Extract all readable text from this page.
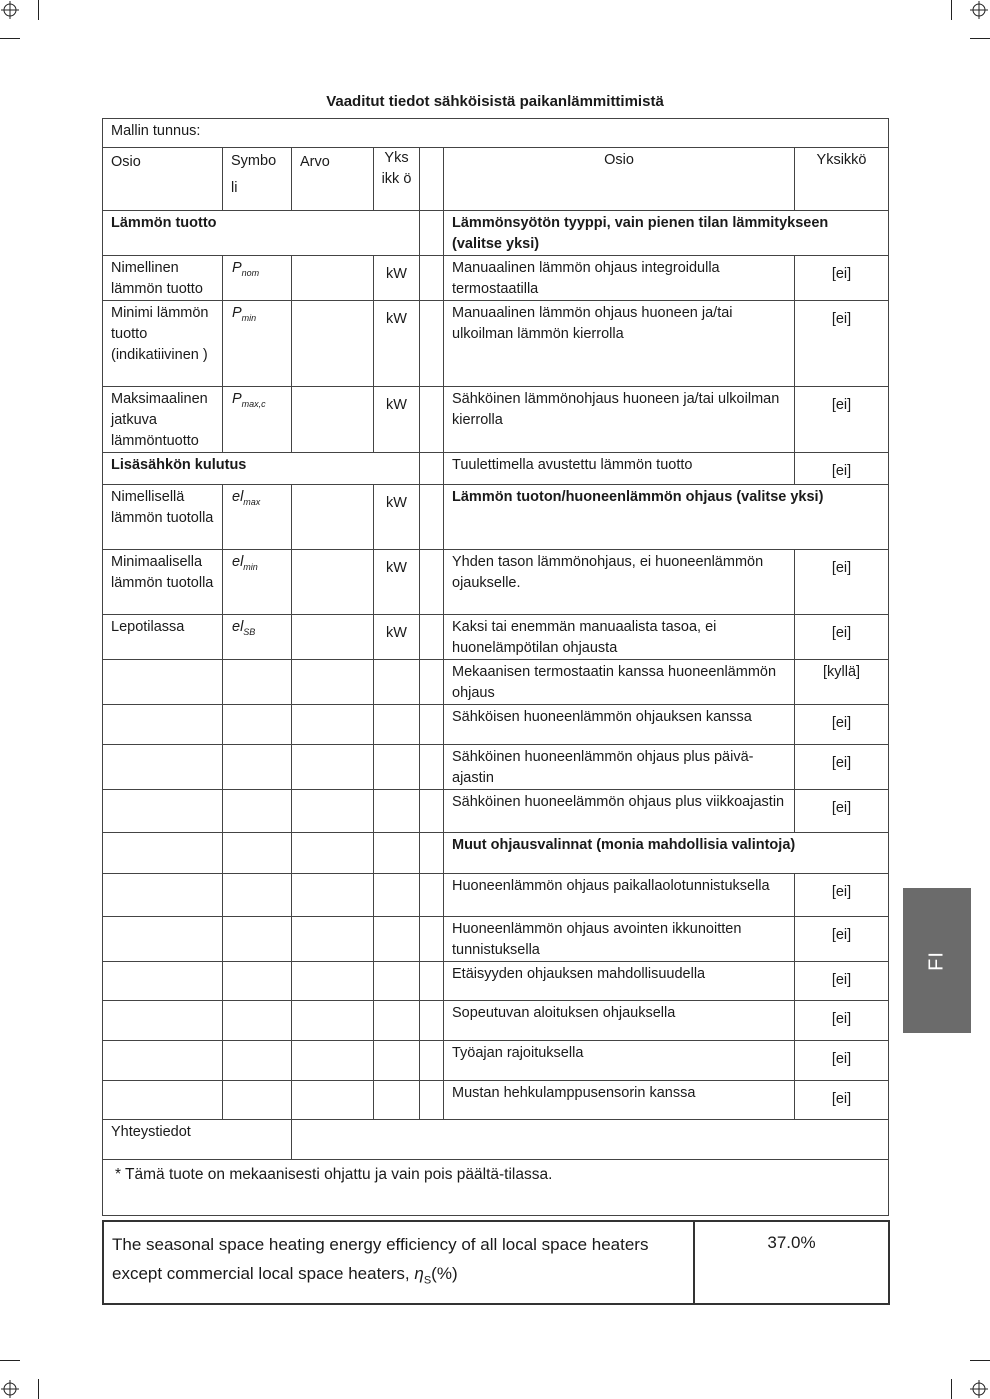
Vaaditut tiedot sähköisistä paikanlämmittimistä
Mallin tunnus:						
Osio	Symbo li	Arvo	Yks ikk ö		Osio	Yksikkö
Lämmön tuotto					Lämmönsyötön tyyppi, vain pienen tilan lämmitykseen (valitse yksi)	
Nimellinen lämmön tuotto	$P_{nom}$		kW		Manuaalinen lämmön ohjaus integroidulla termostaatilla	[ei]
Minimi lämmön tuotto (indikatiivinen )	$P_{min}$		kW		Manuaalinen lämmön ohjaus huoneen ja/tai ulkoilman lämmön kierrolla	[ei]
Maksimaalinen jatkuva lämmöntuotto	$P_{max,c}$		kW		Sähköinen lämmönohjaus huoneen ja/tai ulkoilman kierrolla	[ei]
Lisäsähkön kulutus					Tuulettimella avustettu lämmön tuotto	[ei]
Nimellisellä lämmön tuotolla	$el_{max}$		kW		Lämmön tuoton/huoneenlämmön ohjaus (valitse yksi)	
Minimaalisella lämmön tuotolla	$el_{min}$		kW		Yhden tason lämmönohjaus, ei huoneenlämmön ojaukselle.	[ei]
Lepotilassa	$el_{SB}$		kW		Kaksi tai enemmän manuaalista tasoa, ei huonelämpötilan ohjausta	[ei]
					Mekaanisen termostaatin kanssa huoneenlämmön ohjaus	[kyllä]
					Sähköisen huoneenlämmön ohjauksen kanssa	[ei]
					Sähköinen huoneenlämmön ohjaus plus päivä-ajastin	[ei]
					Sähköinen huoneelämmön ohjaus plus viikkoajastin	[ei]
					Muut ohjausvalinnat (monia mahdollisia valintoja)	
					Huoneenlämmön ohjaus paikallaolotunnistuksella	[ei]
					Huoneenlämmön ohjaus avointen ikkunoitten tunnistuksella	[ei]
					Etäisyyden ohjauksen mahdollisuudella	[ei]
					Sopeutuvan aloituksen ohjauksella	[ei]
					Työajan rajoituksella	[ei]
					Mustan hehkulamppusensorin kanssa	[ei]
Yhteystiedot						
* Tämä tuote on mekaanisesti ohjattu ja vain pois päältä-tilassa.						
The seasonal space heating energy efficiency of all local space heaters
except commercial local space heaters, $\eta_S(\%)$	37.0%
FI
